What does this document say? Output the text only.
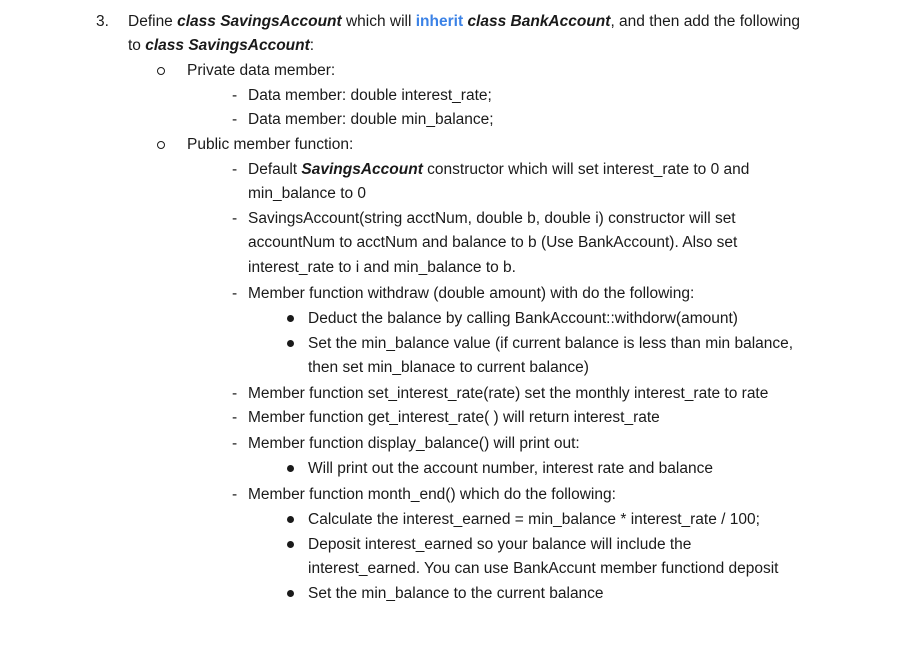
3. Define class SavingsAccount which will inherit class BankAccount, and then add the following
to class SavingsAccount:
Private data member:
- Data member: double interest_rate;
- Data member: double min_balance;
Public member function:
- Default SavingsAccount constructor which will set interest_rate to 0 and
min_balance to 0
- SavingsAccount(string acctNum, double b, double i) constructor will set
accountNum to acctNum and balance to b (Use BankAccount). Also set
interest_rate to i and min_balance to b.
- Member function withdraw (double amount) with do the following:
Deduct the balance by calling BankAccount::withdorw(amount)
Set the min_balance value (if current balance is less than min balance,
then set min_blanace to current balance)
- Member function set_interest_rate(rate) set the monthly interest_rate to rate
- Member function get_interest_rate( ) will return interest_rate
- Member function display_balance() will print out:
Will print out the account number, interest rate and balance
- Member function month_end() which do the following:
Calculate the interest_earned = min_balance * interest_rate / 100;
Deposit interest_earned so your balance will include the
interest_earned. You can use BankAccunt member functiond deposit
Set the min_balance to the current balance
